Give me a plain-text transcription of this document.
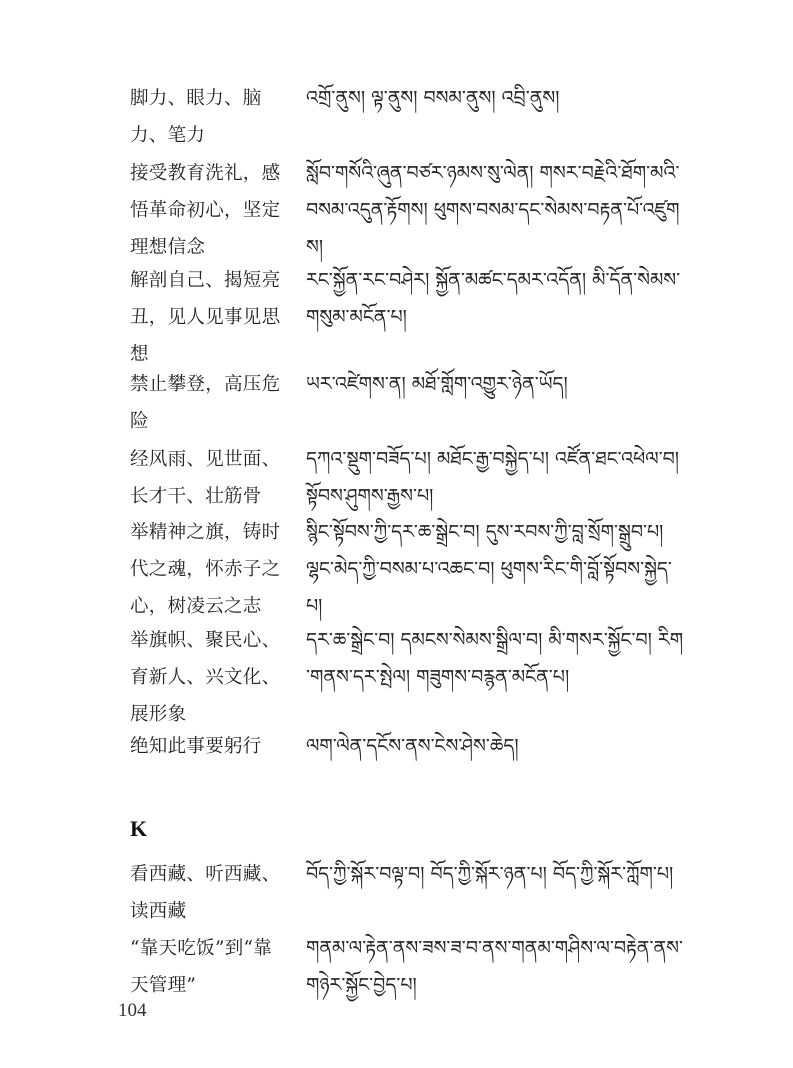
脚力、眼力、脑力、笔力
འགྲོ་ནུས། ལྟ་ནུས། བསམ་ནུས། འབྲི་ནུས།
接受教育洗礼，感悟革命初心，坚定理想信念
སློབ་གསོའི་ཞུན་བཙར་ཉམས་སུ་ལེན། གསར་བརྗེའི་ཐོག་མའི་བསམ་འདུན་རྟོགས། ཕུགས་བསམ་དང་སེམས་བརྟན་པོ་འཛུགས།
解剖自己、揭短亮丑，见人见事见思想
རང་སྐྱོན་རང་བཤེར། སྐྱོན་མཚང་དམར་འདོན། མི་དོན་སེམས་གསུམ་མངོན་པ།
禁止攀登，高压危险
ཡར་འཛེགས་ན། མཐོ་གློག་འགྱུར་ཉེན་ཡོད།
经风雨、见世面、长才干、壮筋骨
དཀའ་སྡུག་བཟོད་པ། མཐོང་རྒྱ་བསྐྱེད་པ། འཛོན་ཐང་འཕེལ་བ། སྟོབས་ཤུགས་རྒྱས་པ།
举精神之旗，铸时代之魂，怀赤子之心，树凌云之志
སྙིང་སྟོབས་ཀྱི་དར་ཆ་སྒྲེང་བ། དུས་རབས་ཀྱི་བླ་སྲོག་སྒྲུབ་པ། ལྷང་མེད་ཀྱི་བསམ་པ་འཆང་བ། ཕུགས་རིང་གི་བློ་སྟོབས་སྐྱེད་པ།
举旗帜、聚民心、育新人、兴文化、展形象
དར་ཆ་སྒྲེང་བ། དམངས་སེམས་སྒྲིལ་བ། མི་གསར་སྐྱོང་བ། རིག་གནས་དར་སྤེལ། གཟུགས་བརྙན་མངོན་པ།
绝知此事要躬行	ལག་ལེན་དངོས་ནས་ངེས་ཤེས་ཆེད།
K
看西藏、听西藏、读西藏
བོད་ཀྱི་སྐོར་བལྟ་བ། བོད་ཀྱི་སྐོར་ཉན་པ། བོད་ཀྱི་སྐོར་ཀློག་པ།
“靠天吃饭”到“靠天管理”
གནམ་ལ་རྟེན་ནས་ཟས་ཟ་བ་ནས་གནམ་གཤིས་ལ་བརྟེན་ནས་གཉེར་སྐྱོང་བྱེད་པ།
104
